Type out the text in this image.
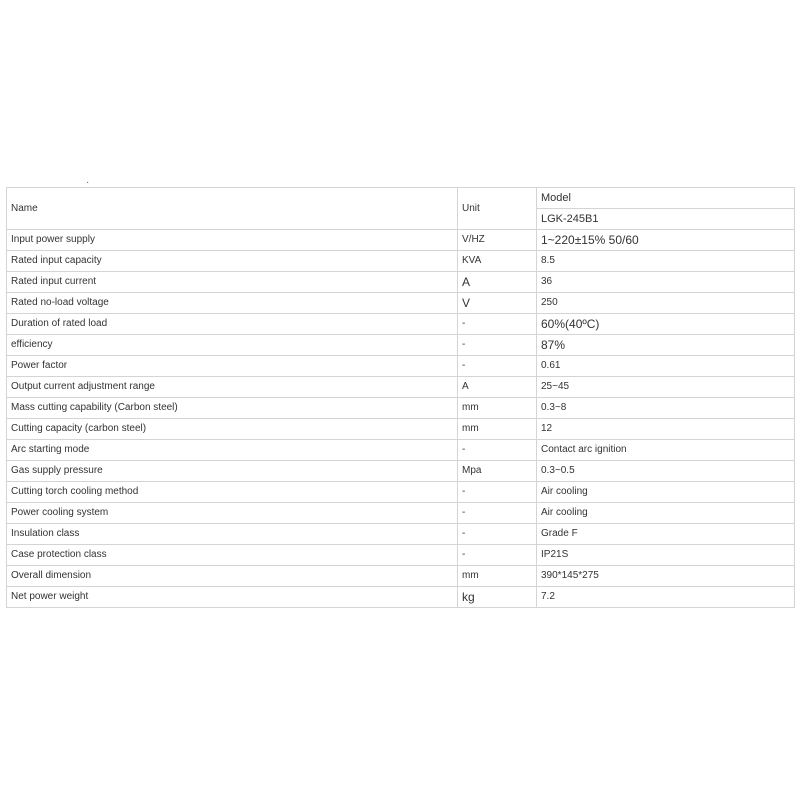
·
Name	Unit	Model
		LGK-245B1
Input power supply	V/HZ	1~220±15% 50/60
Rated input capacity	KVA	8.5
Rated input current	A	36
Rated no-load voltage	V	250
Duration of rated load	-	60%(40ºC)
efficiency	-	87%
Power factor	-	0.61
Output current adjustment range	A	25~45
Mass cutting capability (Carbon steel)	mm	0.3~8
Cutting capacity (carbon steel)	mm	12
Arc starting mode	-	Contact arc ignition
Gas supply pressure	Mpa	0.3~0.5
Cutting torch cooling method	-	Air cooling
Power cooling system	-	Air cooling
Insulation class	-	Grade F
Case protection class	-	IP21S
Overall dimension	mm	390*145*275
Net power weight	kg	7.2
